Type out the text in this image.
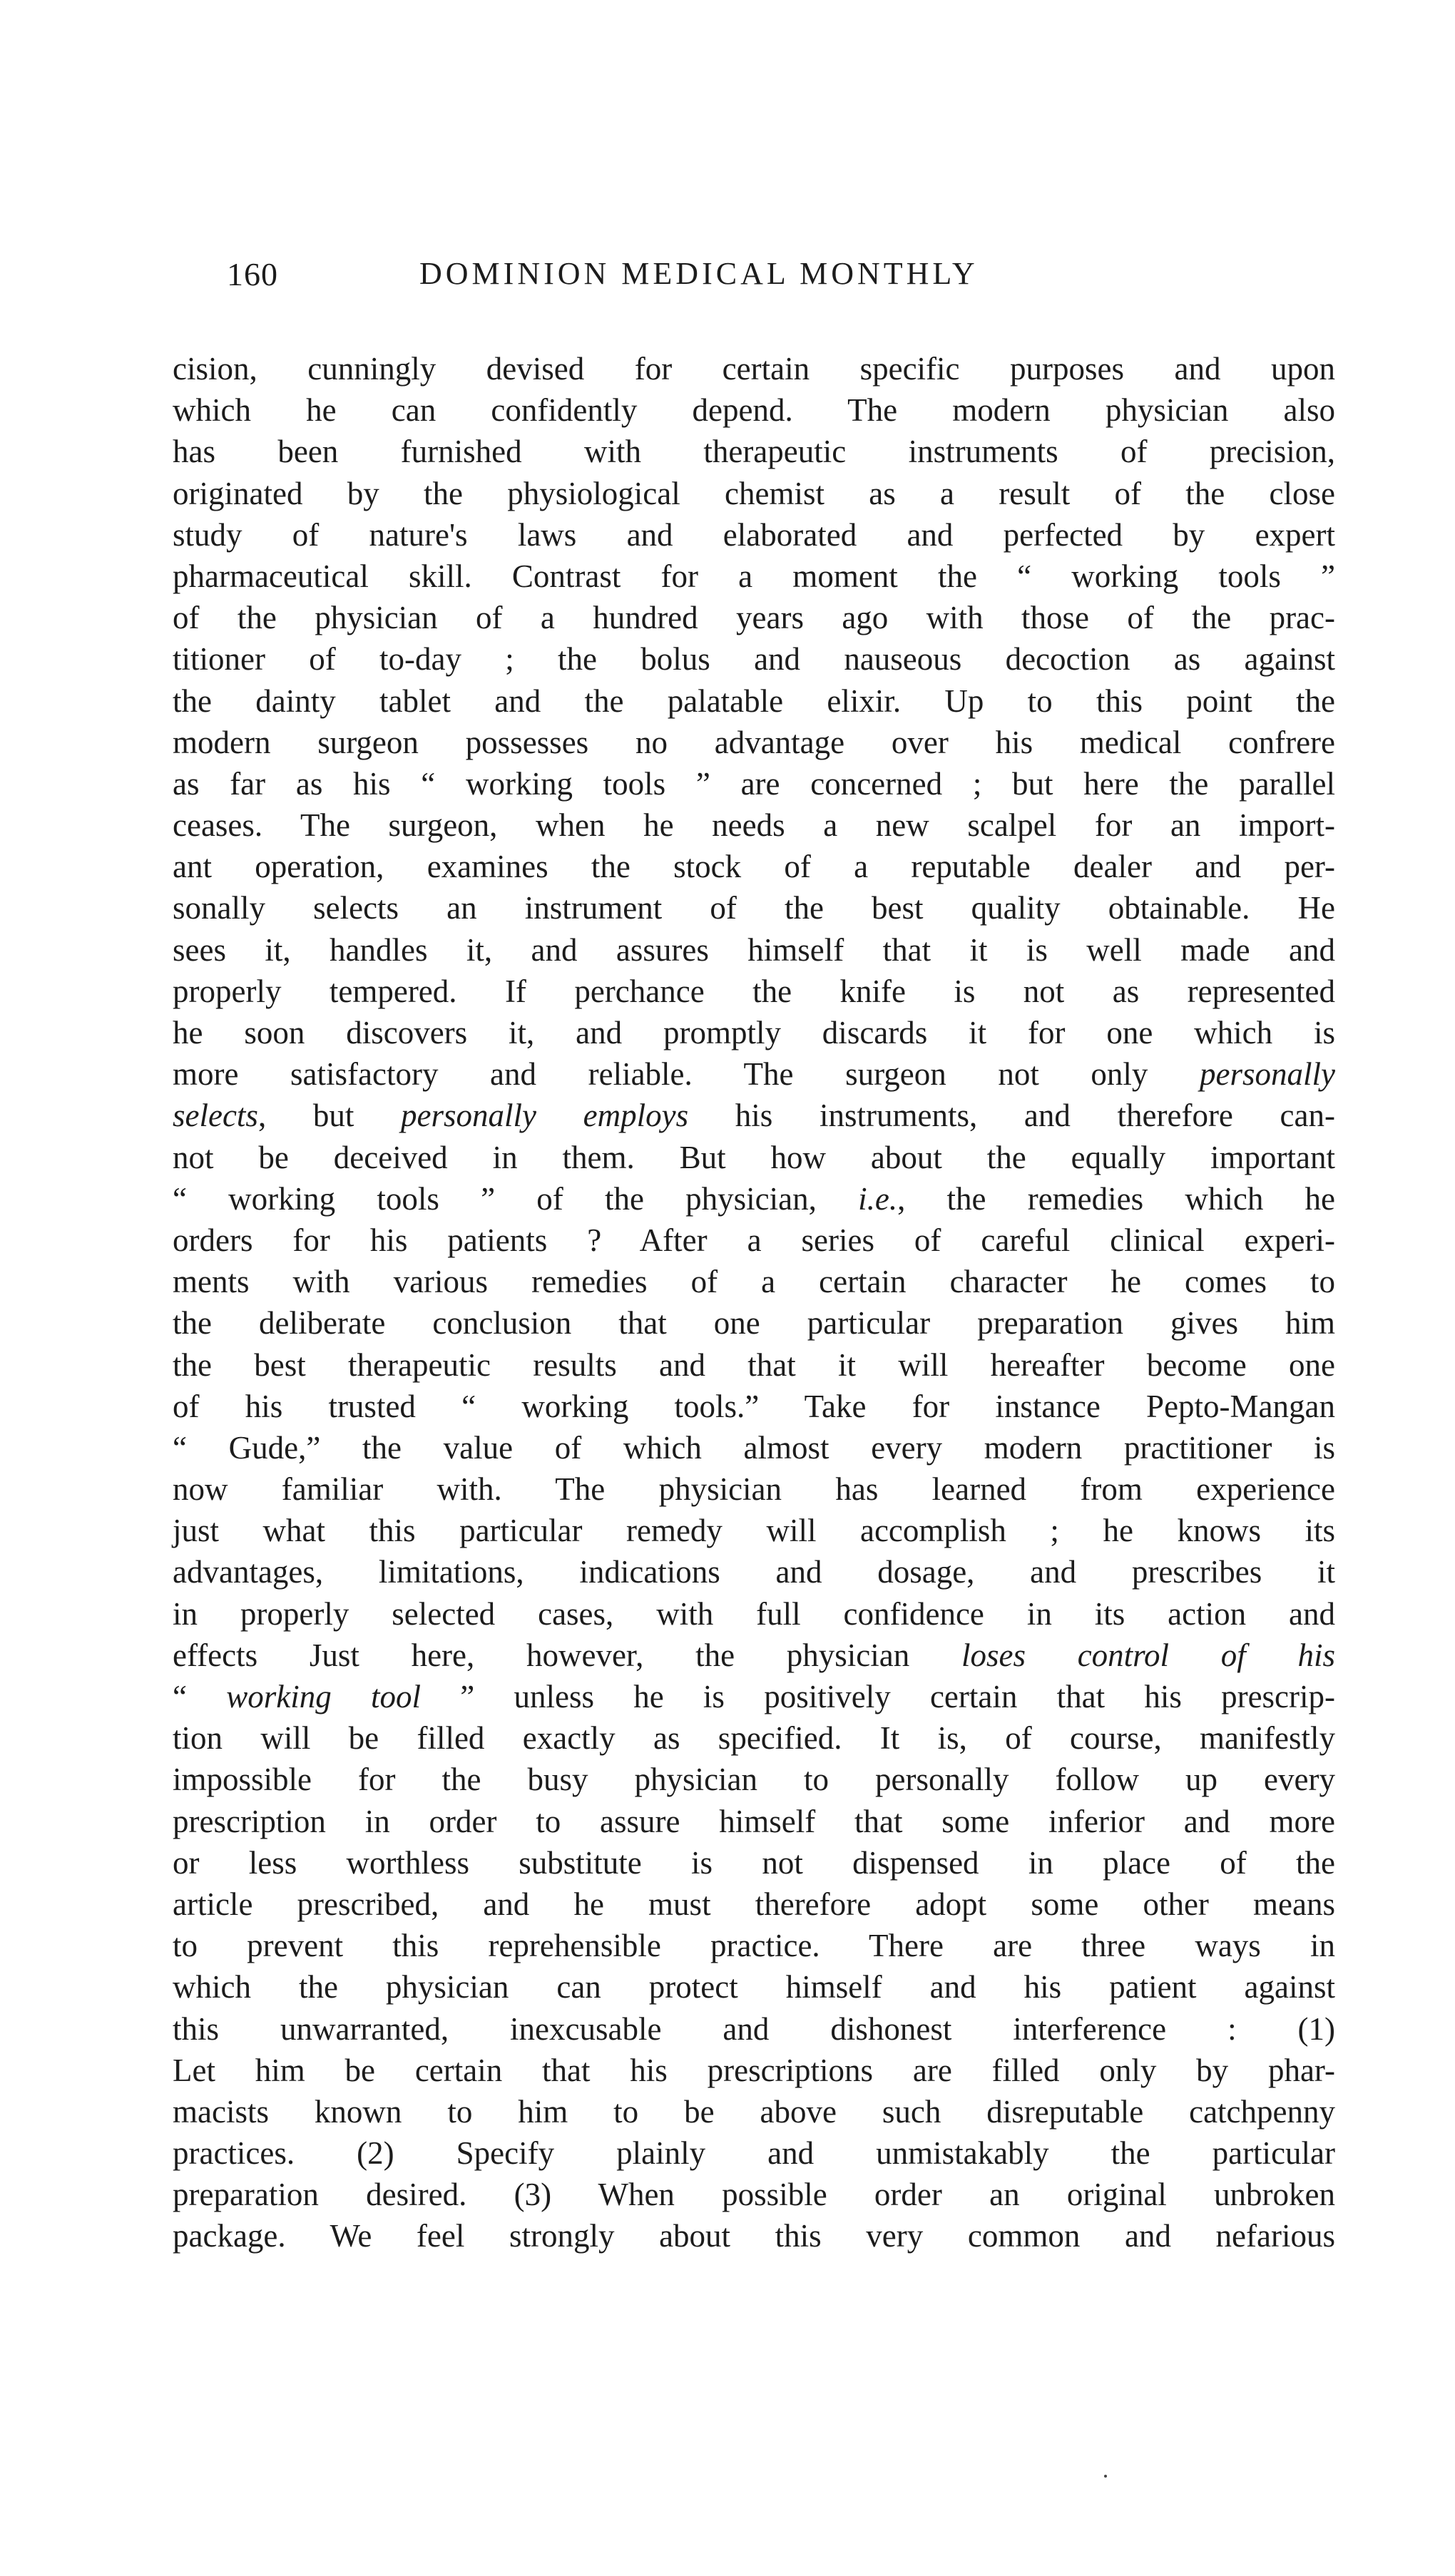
160	DOMINION MEDICAL MONTHLY
cision, cunningly devised for certain specific purposes and upon
which he can confidently depend. The modern physician also
has been furnished with therapeutic instruments of precision,
originated by the physiological chemist as a result of the close
study of nature's laws and elaborated and perfected by expert
pharmaceutical skill. Contrast for a moment the “ working tools ”
of the physician of a hundred years ago with those of the prac-
titioner of to-day ; the bolus and nauseous decoction as against
the dainty tablet and the palatable elixir. Up to this point the
modern surgeon possesses no advantage over his medical confrere
as far as his “ working tools ” are concerned ; but here the parallel
ceases. The surgeon, when he needs a new scalpel for an import-
ant operation, examines the stock of a reputable dealer and per-
sonally selects an instrument of the best quality obtainable. He
sees it, handles it, and assures himself that it is well made and
properly tempered. If perchance the knife is not as represented
he soon discovers it, and promptly discards it for one which is
more satisfactory and reliable. The surgeon not only personally
selects, but personally employs his instruments, and therefore can-
not be deceived in them. But how about the equally important
“ working tools ” of the physician, i.e., the remedies which he
orders for his patients ? After a series of careful clinical experi-
ments with various remedies of a certain character he comes to
the deliberate conclusion that one particular preparation gives him
the best therapeutic results and that it will hereafter become one
of his trusted “ working tools.” Take for instance Pepto-Mangan
“ Gude,” the value of which almost every modern practitioner is
now familiar with. The physician has learned from experience
just what this particular remedy will accomplish ; he knows its
advantages, limitations, indications and dosage, and prescribes it
in properly selected cases, with full confidence in its action and
effects Just here, however, the physician loses control of his
“ working tool ” unless he is positively certain that his prescrip-
tion will be filled exactly as specified. It is, of course, manifestly
impossible for the busy physician to personally follow up every
prescription in order to assure himself that some inferior and more
or less worthless substitute is not dispensed in place of the
article prescribed, and he must therefore adopt some other means
to prevent this reprehensible practice. There are three ways in
which the physician can protect himself and his patient against
this unwarranted, inexcusable and dishonest interference : (1)
Let him be certain that his prescriptions are filled only by phar-
macists known to him to be above such disreputable catchpenny
practices. (2) Specify plainly and unmistakably the particular
preparation desired. (3) When possible order an original unbroken
package. We feel strongly about this very common and nefarious
